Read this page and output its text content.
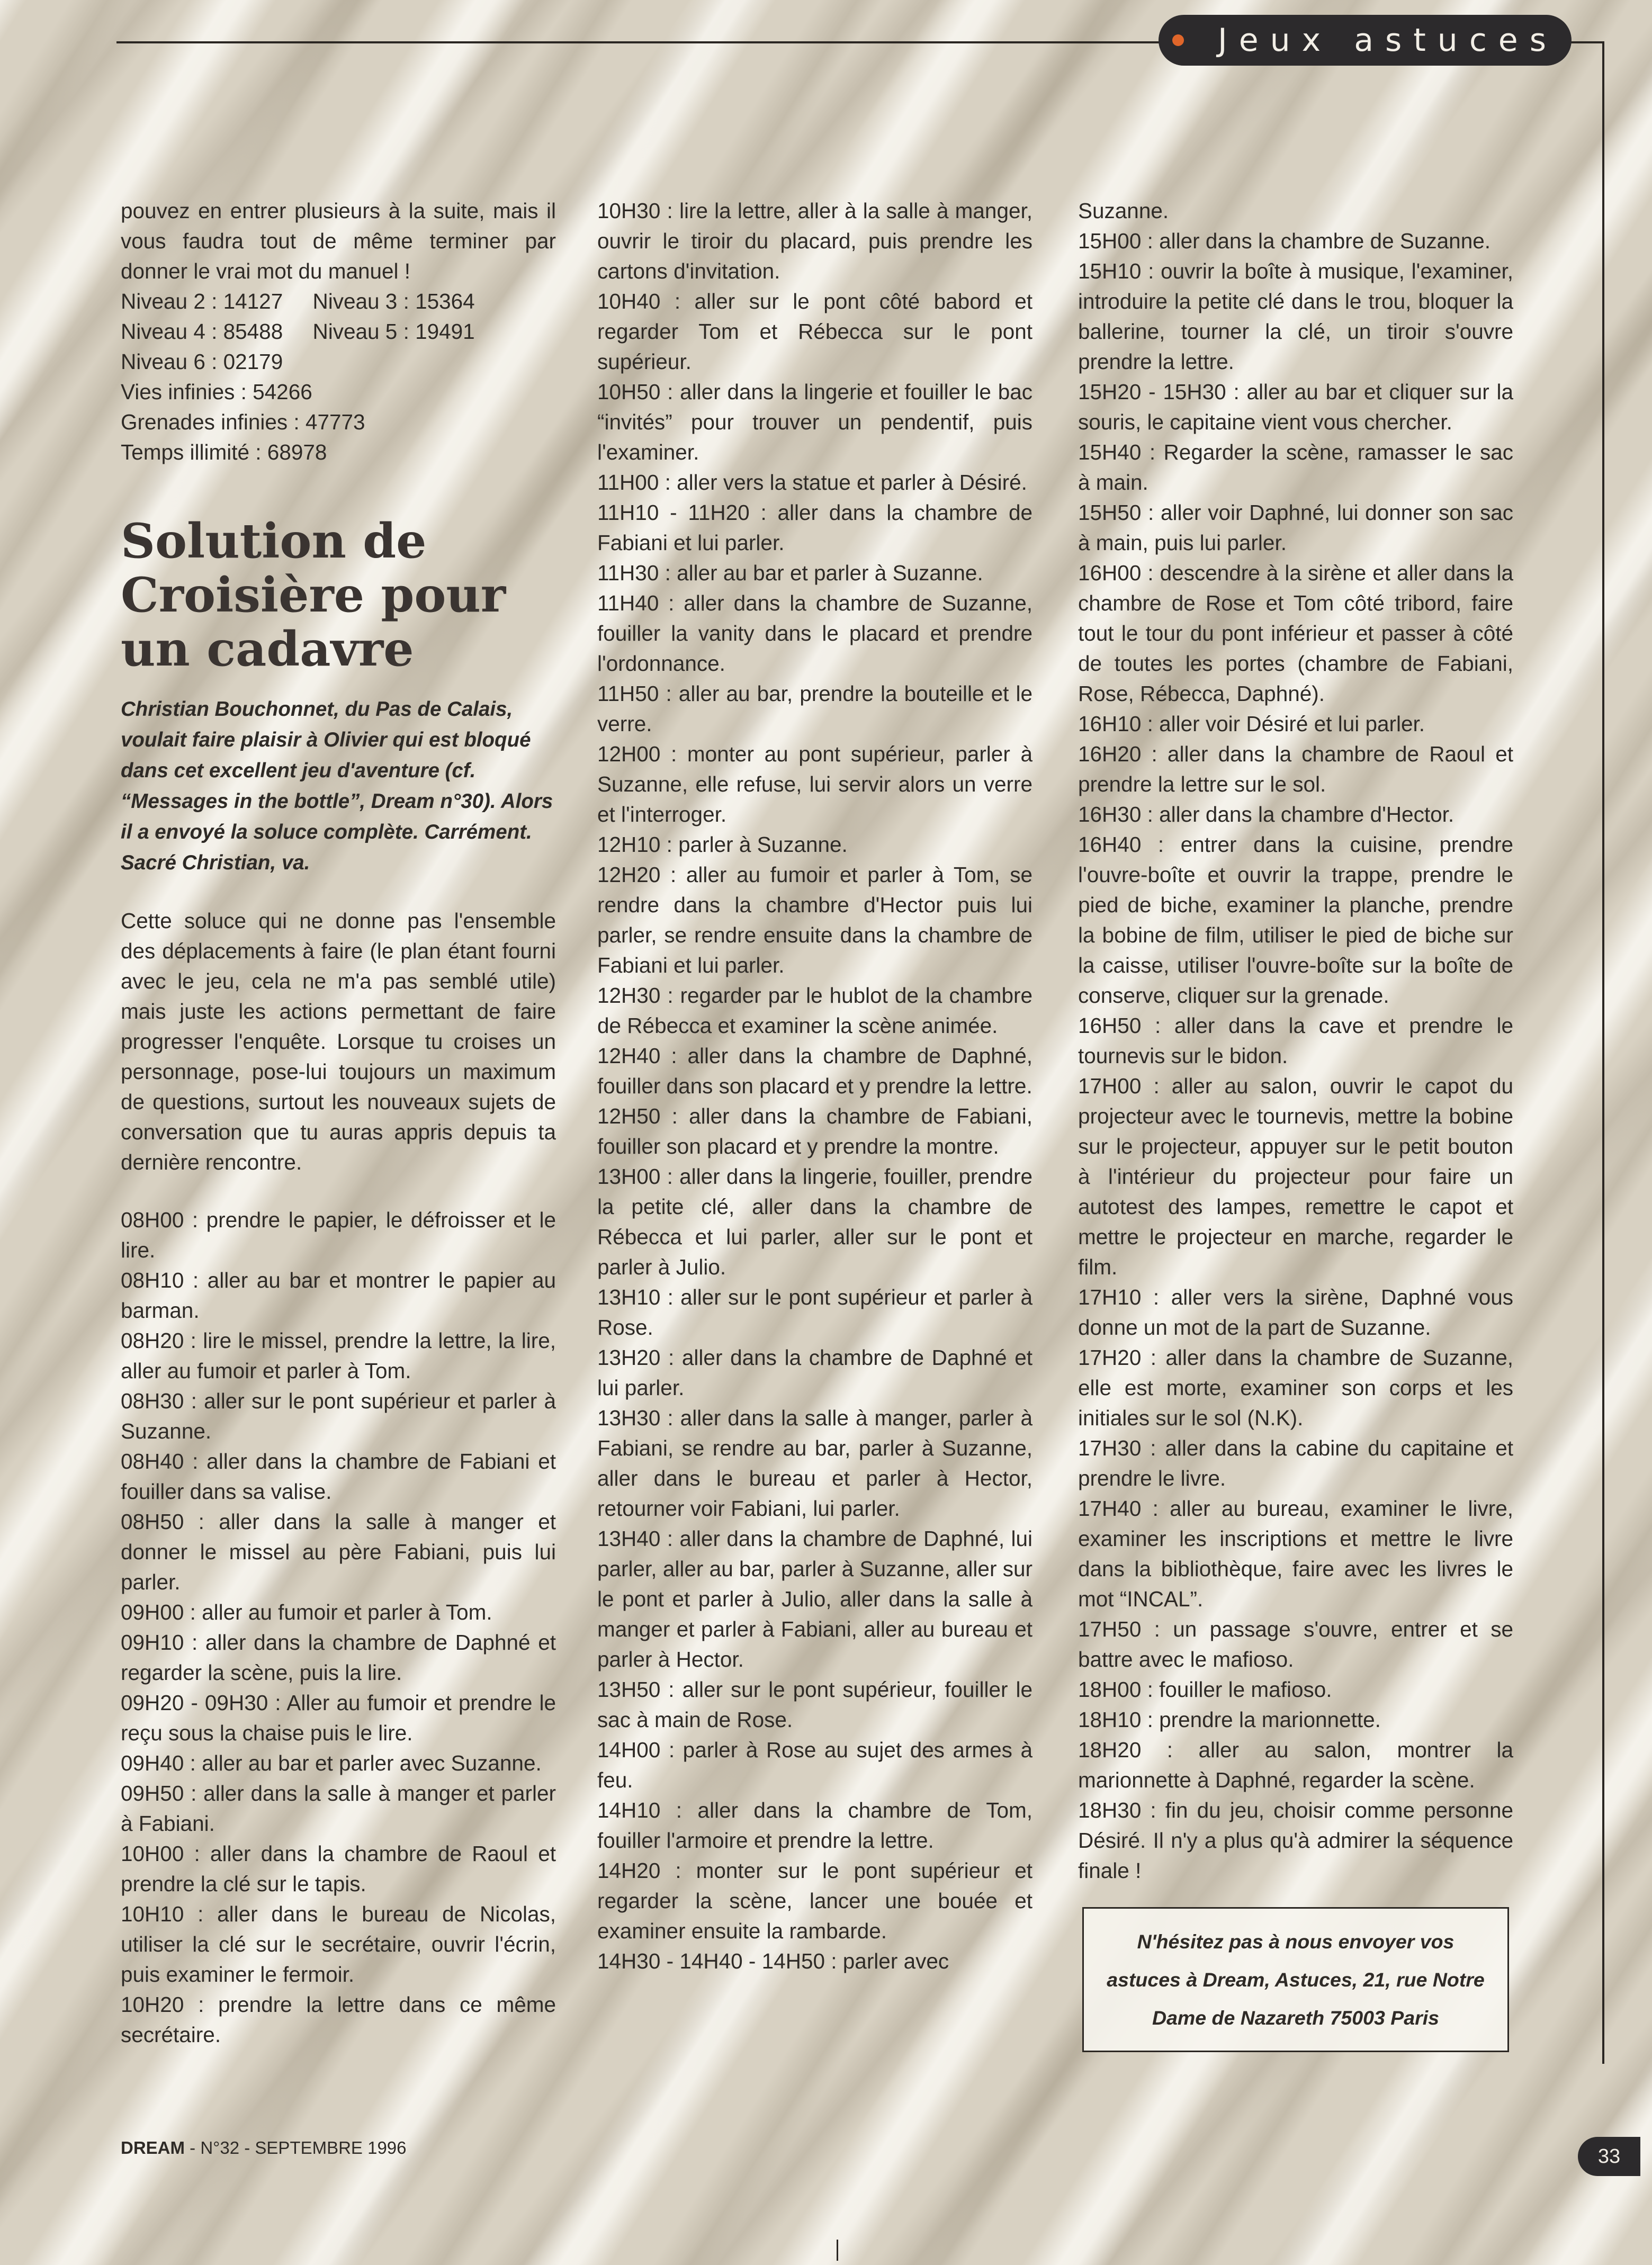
Jeux astuces

pouvez en entrer plusieurs à la suite, mais il vous faudra tout de même terminer par donner le vrai mot du manuel !

Niveau 2 : 14127     Niveau 3 : 15364

Niveau 4 : 85488     Niveau 5 : 19491

Niveau 6 : 02179

Vies infinies : 54266

Grenades infinies : 47773

Temps illimité : 68978

Solution de Croisière pour un cadavre

Christian Bouchonnet, du Pas de Calais, voulait faire plaisir à Olivier qui est bloqué dans cet excellent jeu d'aventure (cf. “Messages in the bottle”, Dream n°30). Alors il a envoyé la soluce complète. Carrément. Sacré Christian, va.

Cette soluce qui ne donne pas l'ensemble des déplacements à faire (le plan étant fourni avec le jeu, cela ne m'a pas semblé utile) mais juste les actions permettant de faire progresser l'enquête. Lorsque tu croises un personnage, pose-lui toujours un maximum de questions, surtout les nouveaux sujets de conversation que tu auras appris depuis ta dernière rencontre.

08H00 : prendre le papier, le défroisser et le lire.

08H10 : aller au bar et montrer le papier au barman.

08H20 : lire le missel, prendre la lettre, la lire, aller au fumoir et parler à Tom.

08H30 : aller sur le pont supérieur et parler à Suzanne.

08H40 : aller dans la chambre de Fabiani et fouiller dans sa valise.

08H50 : aller dans la salle à manger et donner le missel au père Fabiani, puis lui parler.

09H00 : aller au fumoir et parler à Tom.

09H10 : aller dans la chambre de Daphné et regarder la scène, puis la lire.

09H20 - 09H30 : Aller au fumoir et prendre le reçu sous la chaise puis le lire.

09H40 : aller au bar et parler avec Suzanne.

09H50 : aller dans la salle à manger et parler à Fabiani.

10H00 : aller dans la chambre de Raoul et prendre la clé sur le tapis.

10H10 : aller dans le bureau de Nicolas, utiliser la clé sur le secrétaire, ouvrir l'écrin, puis examiner le fermoir.

10H20 : prendre la lettre dans ce même secrétaire.

10H30 : lire la lettre, aller à la salle à manger, ouvrir le tiroir du placard, puis prendre les cartons d'invitation.

10H40 : aller sur le pont côté babord et regarder Tom et Rébecca sur le pont supérieur.

10H50 : aller dans la lingerie et fouiller le bac “invités” pour trouver un pendentif, puis l'examiner.

11H00 : aller vers la statue et parler à Désiré.

11H10 - 11H20 : aller dans la chambre de Fabiani et lui parler.

11H30 : aller au bar et parler à Suzanne.

11H40 : aller dans la chambre de Suzanne, fouiller la vanity dans le placard et prendre l'ordonnance.

11H50 : aller au bar, prendre la bouteille et le verre.

12H00 : monter au pont supérieur, parler à Suzanne, elle refuse, lui servir alors un verre et l'interroger.

12H10 : parler à Suzanne.

12H20 : aller au fumoir et parler à Tom, se rendre dans la chambre d'Hector puis lui parler, se rendre ensuite dans la chambre de Fabiani et lui parler.

12H30 : regarder par le hublot de la chambre de Rébecca et examiner la scène animée.

12H40 : aller dans la chambre de Daphné, fouiller dans son placard et y prendre la lettre.

12H50 : aller dans la chambre de Fabiani, fouiller son placard et y prendre la montre.

13H00 : aller dans la lingerie, fouiller, prendre la petite clé, aller dans la chambre de Rébecca et lui parler, aller sur le pont et parler à Julio.

13H10 : aller sur le pont supérieur et parler à Rose.

13H20 : aller dans la chambre de Daphné et lui parler.

13H30 : aller dans la salle à manger, parler à Fabiani, se rendre au bar, parler à Suzanne, aller dans le bureau et parler à Hector, retourner voir Fabiani, lui parler.

13H40 : aller dans la chambre de Daphné, lui parler, aller au bar, parler à Suzanne, aller sur le pont et parler à Julio, aller dans la salle à manger et parler à Fabiani, aller au bureau et parler à Hector.

13H50 : aller sur le pont supérieur, fouiller le sac à main de Rose.

14H00 : parler à Rose au sujet des armes à feu.

14H10 : aller dans la chambre de Tom, fouiller l'armoire et prendre la lettre.

14H20 : monter sur le pont supérieur et regarder la scène, lancer une bouée et examiner ensuite la rambarde.

14H30 - 14H40 - 14H50 : parler avec

Suzanne.

15H00 : aller dans la chambre de Suzanne.

15H10 : ouvrir la boîte à musique, l'examiner, introduire la petite clé dans le trou, bloquer la ballerine, tourner la clé, un tiroir s'ouvre prendre la lettre.

15H20 - 15H30 : aller au bar et cliquer sur la souris, le capitaine vient vous chercher.

15H40 : Regarder la scène, ramasser le sac à main.

15H50 : aller voir Daphné, lui donner son sac à main, puis lui parler.

16H00 : descendre à la sirène et aller dans la chambre de Rose et Tom côté tribord, faire tout le tour du pont inférieur et passer à côté de toutes les portes (chambre de Fabiani, Rose, Rébecca, Daphné).

16H10 : aller voir Désiré et lui parler.

16H20 : aller dans la chambre de Raoul et prendre la lettre sur le sol.

16H30 : aller dans la chambre d'Hector.

16H40 : entrer dans la cuisine, prendre l'ouvre-boîte et ouvrir la trappe, prendre le pied de biche, examiner la planche, prendre la bobine de film, utiliser le pied de biche sur la caisse, utiliser l'ouvre-boîte sur la boîte de conserve, cliquer sur la grenade.

16H50 : aller dans la cave et prendre le tournevis sur le bidon.

17H00 : aller au salon, ouvrir le capot du projecteur avec le tournevis, mettre la bobine sur le projecteur, appuyer sur le petit bouton à l'intérieur du projecteur pour faire un autotest des lampes, remettre le capot et mettre le projecteur en marche, regarder le film.

17H10 : aller vers la sirène, Daphné vous donne un mot de la part de Suzanne.

17H20 : aller dans la chambre de Suzanne, elle est morte, examiner son corps et les initiales sur le sol (N.K).

17H30 : aller dans la cabine du capitaine et prendre le livre.

17H40 : aller au bureau, examiner le livre, examiner les inscriptions et mettre le livre dans la bibliothèque, faire avec les livres le mot “INCAL”.

17H50 : un passage s'ouvre, entrer et se battre avec le mafioso.

18H00 : fouiller le mafioso.

18H10 : prendre la marionnette.

18H20 : aller au salon, montrer la marionnette à Daphné, regarder la scène.

18H30 : fin du jeu, choisir comme personne Désiré. Il n'y a plus qu'à admirer la séquence finale !

N'hésitez pas à nous envoyer vos astuces à Dream, Astuces, 21, rue Notre Dame de Nazareth 75003 Paris
DREAM - N°32 - SEPTEMBRE 1996	33
